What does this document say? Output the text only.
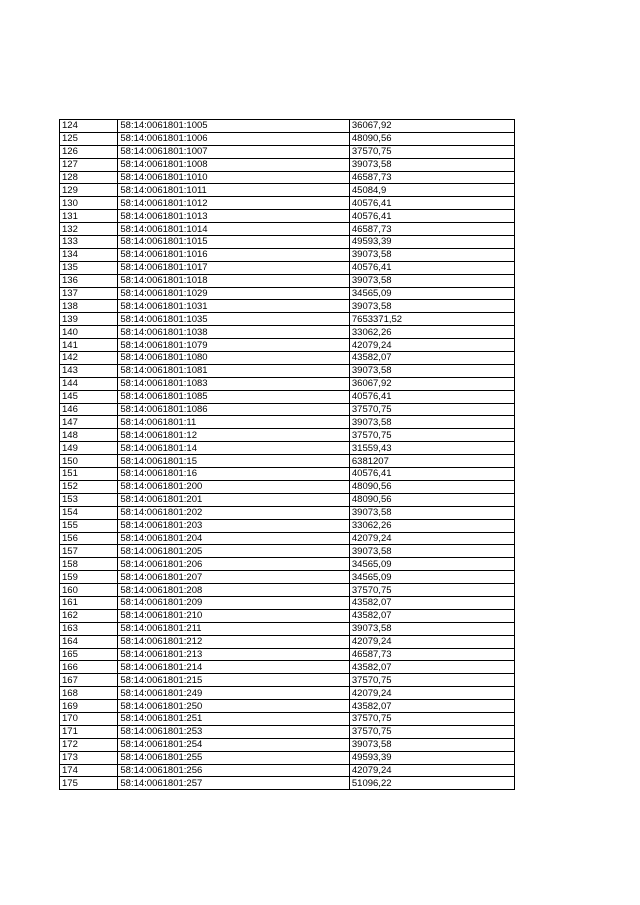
124	58:14:0061801:1005	36067,92
125	58:14:0061801:1006	48090,56
126	58:14:0061801:1007	37570,75
127	58:14:0061801:1008	39073,58
128	58:14:0061801:1010	46587,73
129	58:14:0061801:1011	45084,9
130	58:14:0061801:1012	40576,41
131	58:14:0061801:1013	40576,41
132	58:14:0061801:1014	46587,73
133	58:14:0061801:1015	49593,39
134	58:14:0061801:1016	39073,58
135	58:14:0061801:1017	40576,41
136	58:14:0061801:1018	39073,58
137	58:14:0061801:1029	34565,09
138	58:14:0061801:1031	39073,58
139	58:14:0061801:1035	7653371,52
140	58:14:0061801:1038	33062,26
141	58:14:0061801:1079	42079,24
142	58:14:0061801:1080	43582,07
143	58:14:0061801:1081	39073,58
144	58:14:0061801:1083	36067,92
145	58:14:0061801:1085	40576,41
146	58:14:0061801:1086	37570,75
147	58:14:0061801:11	39073,58
148	58:14:0061801:12	37570,75
149	58:14:0061801:14	31559,43
150	58:14:0061801:15	6381207
151	58:14:0061801:16	40576,41
152	58:14:0061801:200	48090,56
153	58:14:0061801:201	48090,56
154	58:14:0061801:202	39073,58
155	58:14:0061801:203	33062,26
156	58:14:0061801:204	42079,24
157	58:14:0061801:205	39073,58
158	58:14:0061801:206	34565,09
159	58:14:0061801:207	34565,09
160	58:14:0061801:208	37570,75
161	58:14:0061801:209	43582,07
162	58:14:0061801:210	43582,07
163	58:14:0061801:211	39073,58
164	58:14:0061801:212	42079,24
165	58:14:0061801:213	46587,73
166	58:14:0061801:214	43582,07
167	58:14:0061801:215	37570,75
168	58:14:0061801:249	42079,24
169	58:14:0061801:250	43582,07
170	58:14:0061801:251	37570,75
171	58:14:0061801:253	37570,75
172	58:14:0061801:254	39073,58
173	58:14:0061801:255	49593,39
174	58:14:0061801:256	42079,24
175	58:14:0061801:257	51096,22
